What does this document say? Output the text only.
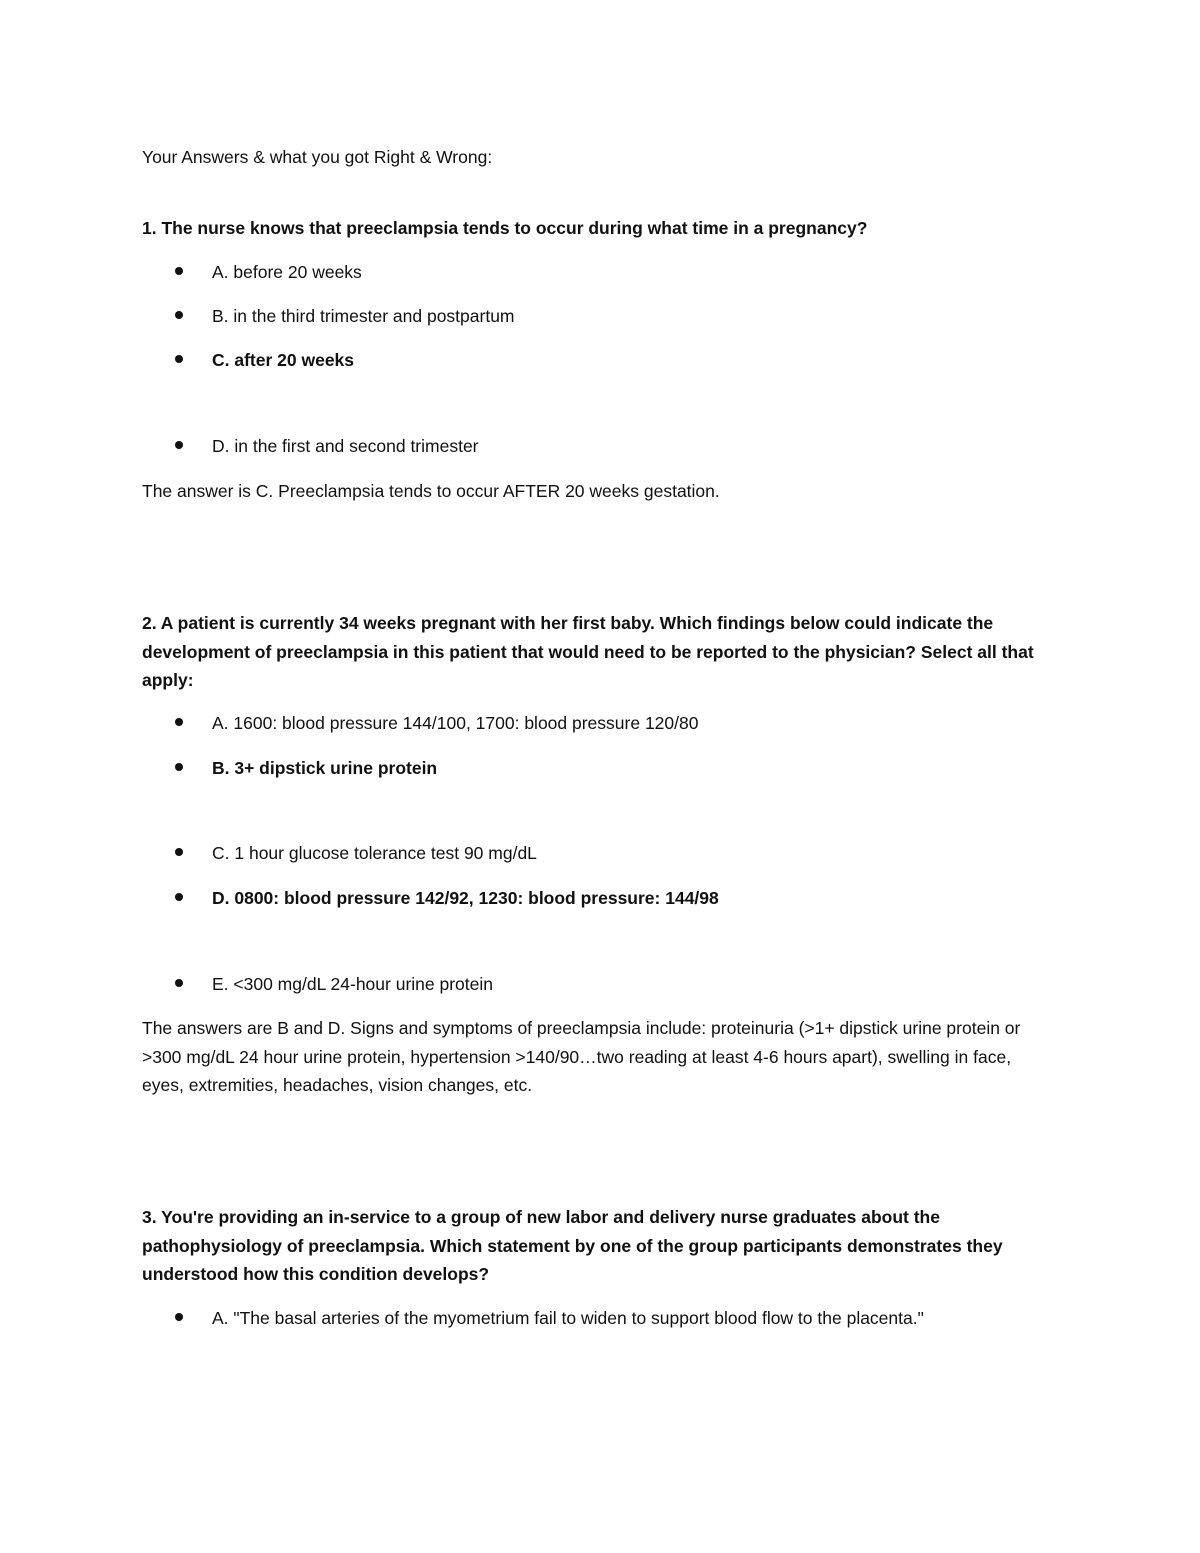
Your Answers & what you got Right & Wrong:
1. The nurse knows that preeclampsia tends to occur during what time in a pregnancy?
A. before 20 weeks
B. in the third trimester and postpartum
C. after 20 weeks
D. in the first and second trimester
The answer is C. Preeclampsia tends to occur AFTER 20 weeks gestation.
2. A patient is currently 34 weeks pregnant with her first baby. Which findings below could indicate the development of preeclampsia in this patient that would need to be reported to the physician? Select all that apply:
A. 1600: blood pressure 144/100, 1700: blood pressure 120/80
B. 3+ dipstick urine protein
C. 1 hour glucose tolerance test 90 mg/dL
D. 0800: blood pressure 142/92, 1230: blood pressure: 144/98
E. <300 mg/dL 24-hour urine protein
The answers are B and D. Signs and symptoms of preeclampsia include: proteinuria (>1+ dipstick urine protein or >300 mg/dL 24 hour urine protein, hypertension >140/90…two reading at least 4-6 hours apart), swelling in face, eyes, extremities, headaches, vision changes, etc.
3. You're providing an in-service to a group of new labor and delivery nurse graduates about the pathophysiology of preeclampsia. Which statement by one of the group participants demonstrates they understood how this condition develops?
A. "The basal arteries of the myometrium fail to widen to support blood flow to the placenta."
